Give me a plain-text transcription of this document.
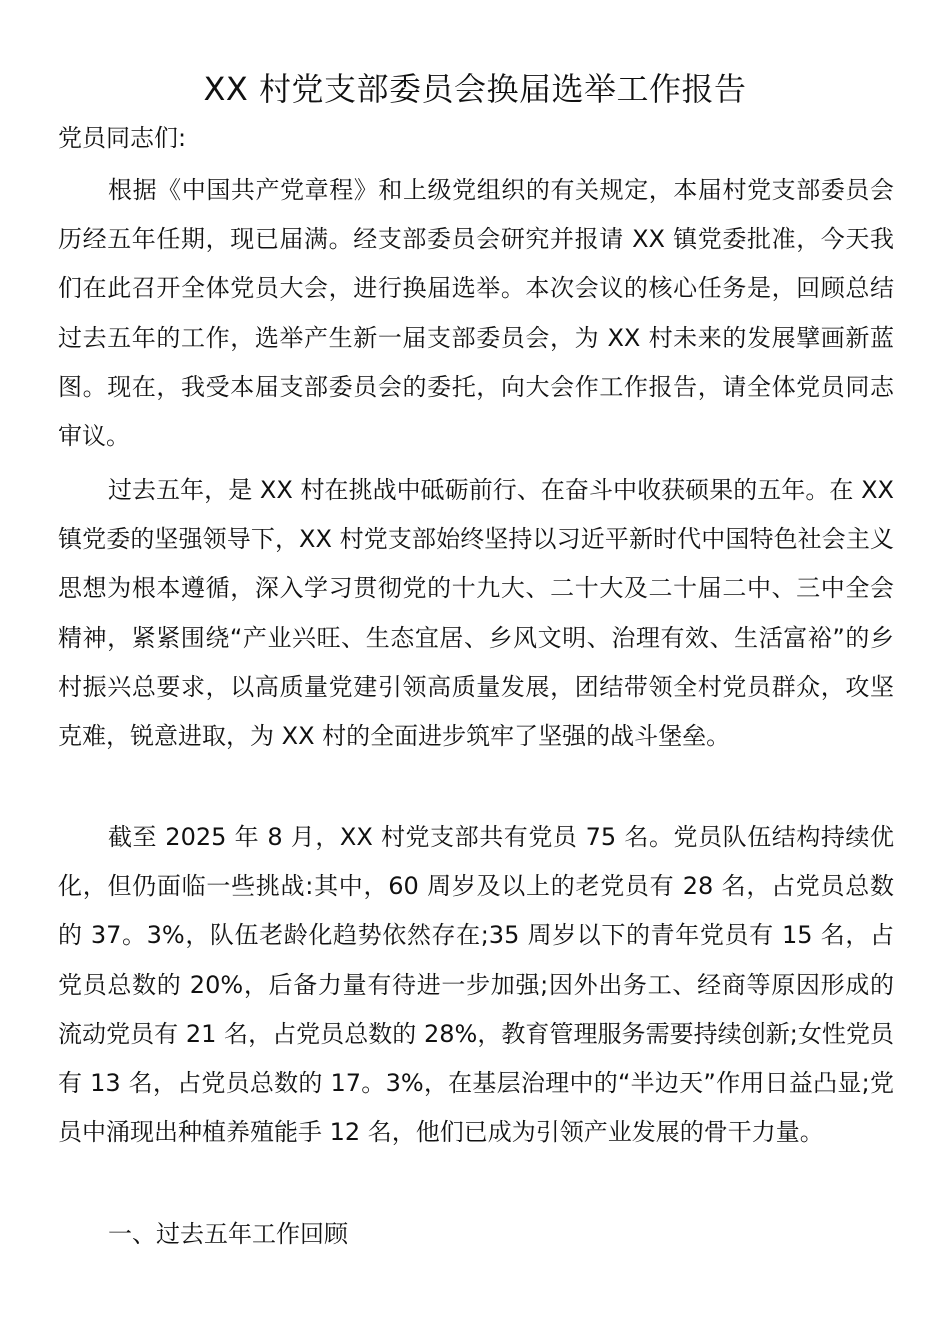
XX 村党支部委员会换届选举工作报告

党员同志们:

根据《中国共产党章程》和上级党组织的有关规定，本届村党支部委员会历经五年任期，现已届满。经支部委员会研究并报请 XX 镇党委批准，今天我们在此召开全体党员大会，进行换届选举。本次会议的核心任务是，回顾总结过去五年的工作，选举产生新一届支部委员会，为 XX 村未来的发展擘画新蓝图。现在，我受本届支部委员会的委托，向大会作工作报告，请全体党员同志审议。

过去五年，是 XX 村在挑战中砥砺前行、在奋斗中收获硕果的五年。在 XX 镇党委的坚强领导下，XX 村党支部始终坚持以习近平新时代中国特色社会主义思想为根本遵循，深入学习贯彻党的十九大、二十大及二十届二中、三中全会精神，紧紧围绕“产业兴旺、生态宜居、乡风文明、治理有效、生活富裕”的乡村振兴总要求，以高质量党建引领高质量发展，团结带领全村党员群众，攻坚克难，锐意进取，为 XX 村的全面进步筑牢了坚强的战斗堡垒。

截至 2025 年 8 月，XX 村党支部共有党员 75 名。党员队伍结构持续优化，但仍面临一些挑战:其中，60 周岁及以上的老党员有 28 名，占党员总数的 37。3%，队伍老龄化趋势依然存在;35 周岁以下的青年党员有 15 名，占党员总数的 20%，后备力量有待进一步加强;因外出务工、经商等原因形成的流动党员有 21 名，占党员总数的 28%，教育管理服务需要持续创新;女性党员有 13 名，占党员总数的 17。3%，在基层治理中的“半边天”作用日益凸显;党员中涌现出种植养殖能手 12 名，他们已成为引领产业发展的骨干力量。

一、过去五年工作回顾
